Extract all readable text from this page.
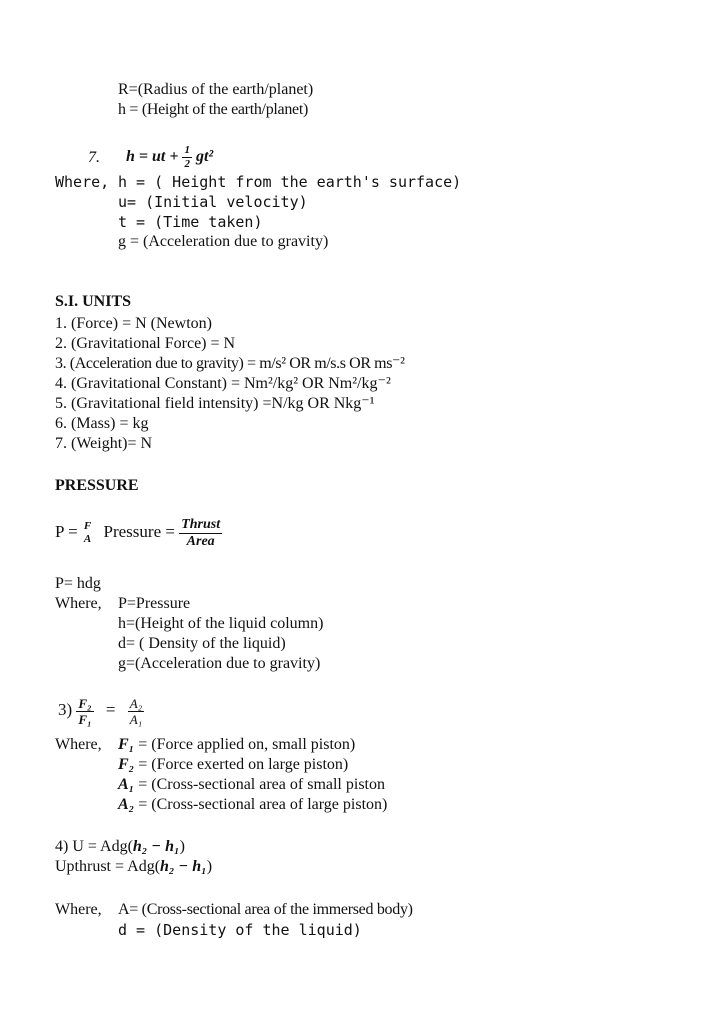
R=(Radius of the earth/planet)
h = (Height of the earth/planet)
7. h = ut + $\frac{1}{2} gt^2$
Where, h = ( Height from the earth's surface)
u= (Initial velocity)
t = (Time taken)
g = (Acceleration due to gravity)
S.I. UNITS
1. (Force) = N (Newton)
2. (Gravitational Force) = N
3. (Acceleration due to gravity) = m/s² OR m/s.s OR ms⁻²
4. (Gravitational Constant) = Nm²/kg² OR Nm²/kg⁻²
5. (Gravitational field intensity) =N/kg OR Nkg⁻¹
6. (Mass) = kg
7. (Weight)= N
PRESSURE
P = F
A Pressure = $\frac{\text{Thrust}}{\text{Area}}$
P= hdg
Where, P=Pressure
h=(Height of the liquid column)
d= ( Density of the liquid)
g=(Acceleration due to gravity)
$3) \frac{\text{F₂}}{\text{F₁}} = \frac{\text{A₂}}{\text{A₁}}$
Where, F₁ = (Force applied on, small piston)
F₂ = (Force exerted on large piston)
A₁ = (Cross-sectional area of small piston
A₂ = (Cross-sectional area of large piston)
4) U = Adg(h₂ − h₁)
Upthrust = Adg(h₂ − h₁)
Where, A= (Cross-sectional area of the immersed body)
d = (Density of the liquid)
